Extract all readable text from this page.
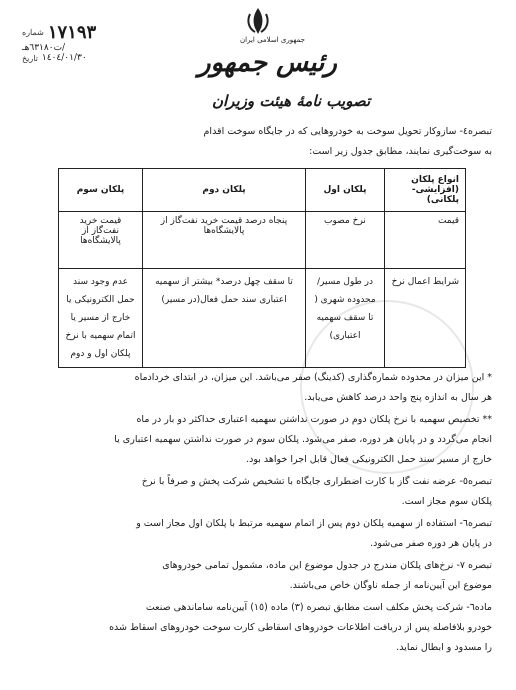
١٧١٩٣
شماره
/ت٦٣١٨٠هـ
١٤٠٤/٠١/٣٠
تاریخ
جمهوری اسلامی ایران
رئیس جمهور
تصویب نامۀ هیئت وزیران
تبصره٤- سازوکار تحویل سوخت به خودروهایی که در جایگاه سوخت اقدام
به سوخت‌گیری نمایند، مطابق جدول زیر است:
انواع پلکان (افزایشی-پلکانی)	پلکان اول	پلکان دوم	پلکان سوم
قیمت	نرخ مصوب	پنجاه درصد قیمت خرید نفت‌گاز از پالایشگاه‌ها	قیمت خرید نفت‌گاز از پالایشگاه‌ها
شرایط اعمال نرخ	در طول مسیر/ محدوده شهری ( تا سقف سهمیه اعتباری)	تا سقف چهل درصد* بیشتر از سهمیه اعتباری سند حمل فعال(در مسیر)	عدم وجود سند حمل الکترونیکی یا خارج از مسیر یا اتمام سهمیه با نرخ پلکان اول و دوم
* این میزان در محدوده شماره‌گذاری (کدینگ) صفر می‌باشد. این میزان، در ابتدای خردادماه
هر سال به اندازه پنج واحد درصد کاهش می‌یابد.
** تخصیص سهمیه با نرخ پلکان دوم در صورت نداشتن سهمیه اعتباری حداکثر دو بار در ماه
انجام می‌گردد و در پایان هر دوره، صفر می‌شود. پلکان سوم در صورت نداشتن سهمیه اعتباری یا
خارج از مسیر سند حمل الکترونیکی فعال قابل اجرا خواهد بود.
تبصره٥- عرضه نفت گاز با کارت اضطراری جایگاه با تشخیص شرکت پخش و صرفاً با نرخ
پلکان سوم مجاز است.
تبصره٦- استفاده از سهمیه پلکان دوم پس از اتمام سهمیه مرتبط با پلکان اول مجاز است و
در پایان هر دوره صفر می‌شود.
تبصره ٧- نرخ‌های پلکان مندرج در جدول موضوع این ماده، مشمول تمامی خودروهای
موضوع این آیین‌نامه از جمله ناوگان خاص می‌باشند.
ماده٦- شرکت پخش مکلف است مطابق تبصره (٣) ماده (١٥) آیین‌نامه ساماندهی صنعت
خودرو بلافاصله پس از دریافت اطلاعات خودروهای اسقاطی کارت سوخت خودروهای اسقاط شده
را مسدود و ابطال نماید.
